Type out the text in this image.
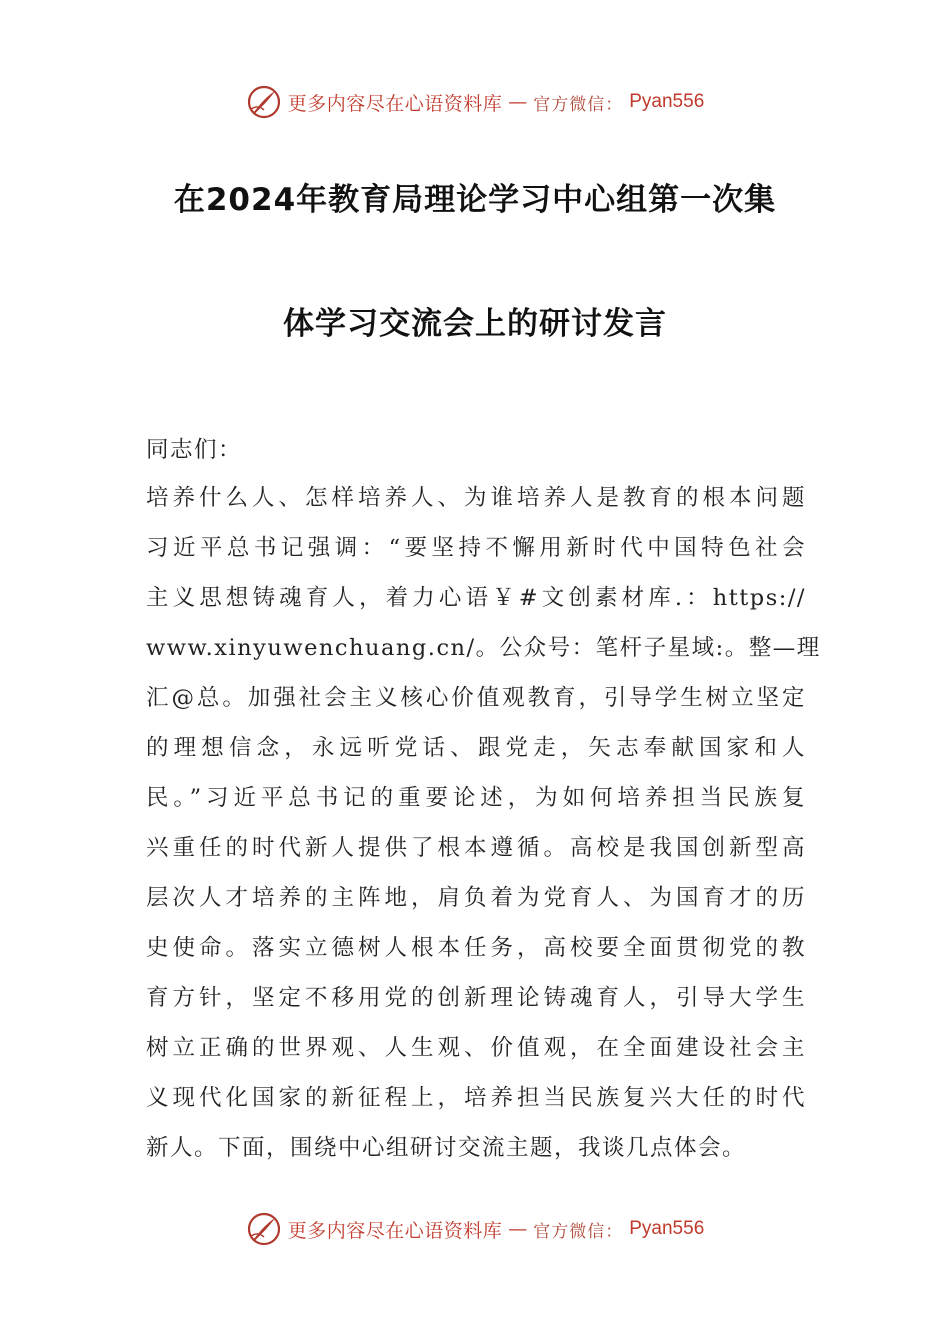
更多内容尽在心语资料库 — 官方微信： Pyan556
在2024年教育局理论学习中心组第一次集
体学习交流会上的研讨发言
同志们：
培养什么人、怎样培养人、为谁培养人是教育的根本问题
习近平总书记强调：“要坚持不懈用新时代中国特色社会
主义思想铸魂育人，着力心语￥#文创素材库.：https://
www.xinyuwenchuang.cn/。公众号：笔杆子星域:。整—理
汇@总。加强社会主义核心价值观教育，引导学生树立坚定
的理想信念，永远听党话、跟党走，矢志奉献国家和人
民。”习近平总书记的重要论述，为如何培养担当民族复
兴重任的时代新人提供了根本遵循。高校是我国创新型高
层次人才培养的主阵地，肩负着为党育人、为国育才的历
史使命。落实立德树人根本任务，高校要全面贯彻党的教
育方针，坚定不移用党的创新理论铸魂育人，引导大学生
树立正确的世界观、人生观、价值观，在全面建设社会主
义现代化国家的新征程上，培养担当民族复兴大任的时代
新人。下面，围绕中心组研讨交流主题，我谈几点体会。
更多内容尽在心语资料库 — 官方微信： Pyan556
